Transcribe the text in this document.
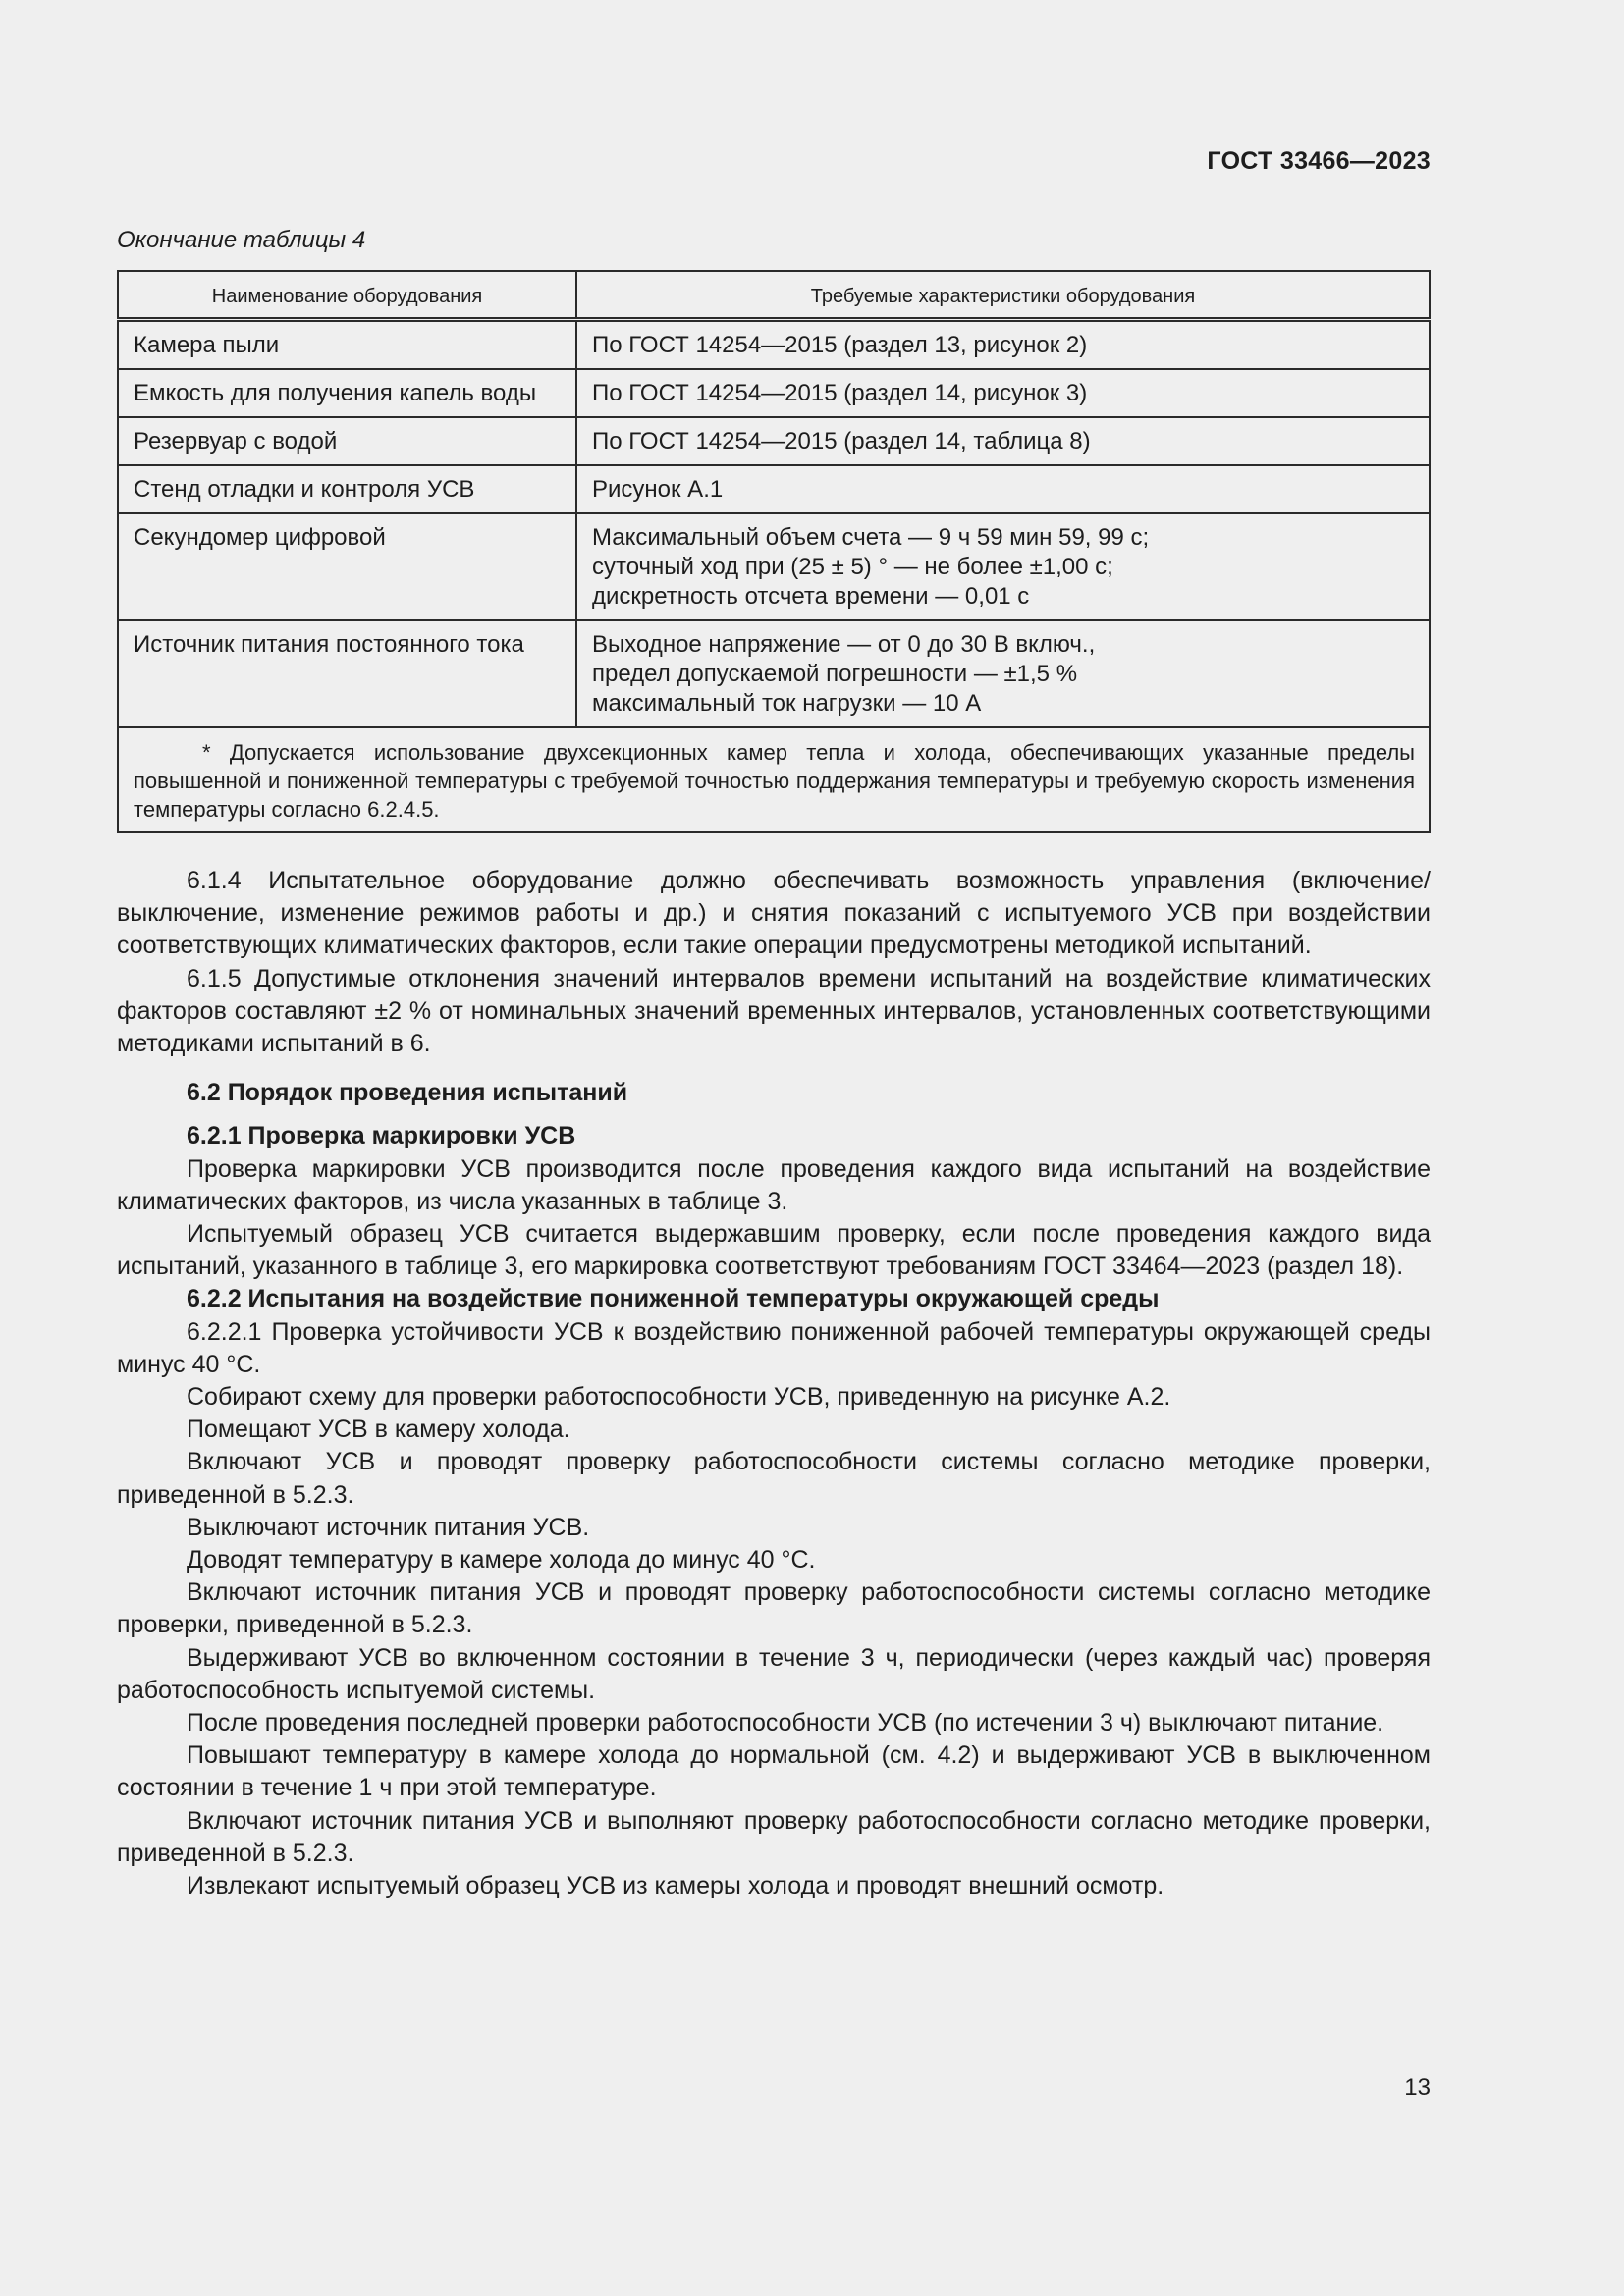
ГОСТ 33466—2023
Окончание таблицы 4
Наименование оборудования	Требуемые характеристики оборудования
Камера пыли	По ГОСТ 14254—2015 (раздел 13, рисунок 2)
Емкость для получения капель воды	По ГОСТ 14254—2015 (раздел 14, рисунок 3)
Резервуар с водой	По ГОСТ 14254—2015 (раздел 14, таблица 8)
Стенд отладки и контроля УСВ	Рисунок А.1
Секундомер цифровой	Максимальный объем счета — 9 ч 59 мин 59, 99 с;
суточный ход при (25 ± 5) ° — не более ±1,00 с;
дискретность отсчета времени — 0,01 с

Источник питания постоянного тока	Выходное напряжение — от 0 до 30 В включ.,
предел допускаемой погрешности — ±1,5 %
максимальный ток нагрузки — 10 А

* Допускается использование двухсекционных камер тепла и холода, обеспечивающих указанные пределы повышенной и пониженной температуры с требуемой точностью поддержания температуры и требуемую скорость изменения температуры согласно 6.2.4.5.	

6.1.4 Испытательное оборудование должно обеспечивать возможность управления (включение/выключение, изменение режимов работы и др.) и снятия показаний с испытуемого УСВ при воздействии соответствующих климатических факторов, если такие операции предусмотрены методикой испытаний.

6.1.5 Допустимые отклонения значений интервалов времени испытаний на воздействие климатических факторов составляют ±2 % от номинальных значений временных интервалов, установленных соответствующими методиками испытаний в 6.

6.2 Порядок проведения испытаний

6.2.1 Проверка маркировки УСВ

Проверка маркировки УСВ производится после проведения каждого вида испытаний на воздействие климатических факторов, из числа указанных в таблице 3.

Испытуемый образец УСВ считается выдержавшим проверку, если после проведения каждого вида испытаний, указанного в таблице 3, его маркировка соответствуют требованиям ГОСТ 33464—2023 (раздел 18).

6.2.2 Испытания на воздействие пониженной температуры окружающей среды

6.2.2.1 Проверка устойчивости УСВ к воздействию пониженной рабочей температуры окружающей среды минус 40 °С.

Собирают схему для проверки работоспособности УСВ, приведенную на рисунке А.2.

Помещают УСВ в камеру холода.

Включают УСВ и проводят проверку работоспособности системы согласно методике проверки, приведенной в 5.2.3.

Выключают источник питания УСВ.

Доводят температуру в камере холода до минус 40 °С.

Включают источник питания УСВ и проводят проверку работоспособности системы согласно методике проверки, приведенной в 5.2.3.

Выдерживают УСВ во включенном состоянии в течение 3 ч, периодически (через каждый час) проверяя работоспособность испытуемой системы.

После проведения последней проверки работоспособности УСВ (по истечении 3 ч) выключают питание.

Повышают температуру в камере холода до нормальной (см. 4.2) и выдерживают УСВ в выключенном состоянии в течение 1 ч при этой температуре.

Включают источник питания УСВ и выполняют проверку работоспособности согласно методике проверки, приведенной в 5.2.3.

Извлекают испытуемый образец УСВ из камеры холода и проводят внешний осмотр.

13
